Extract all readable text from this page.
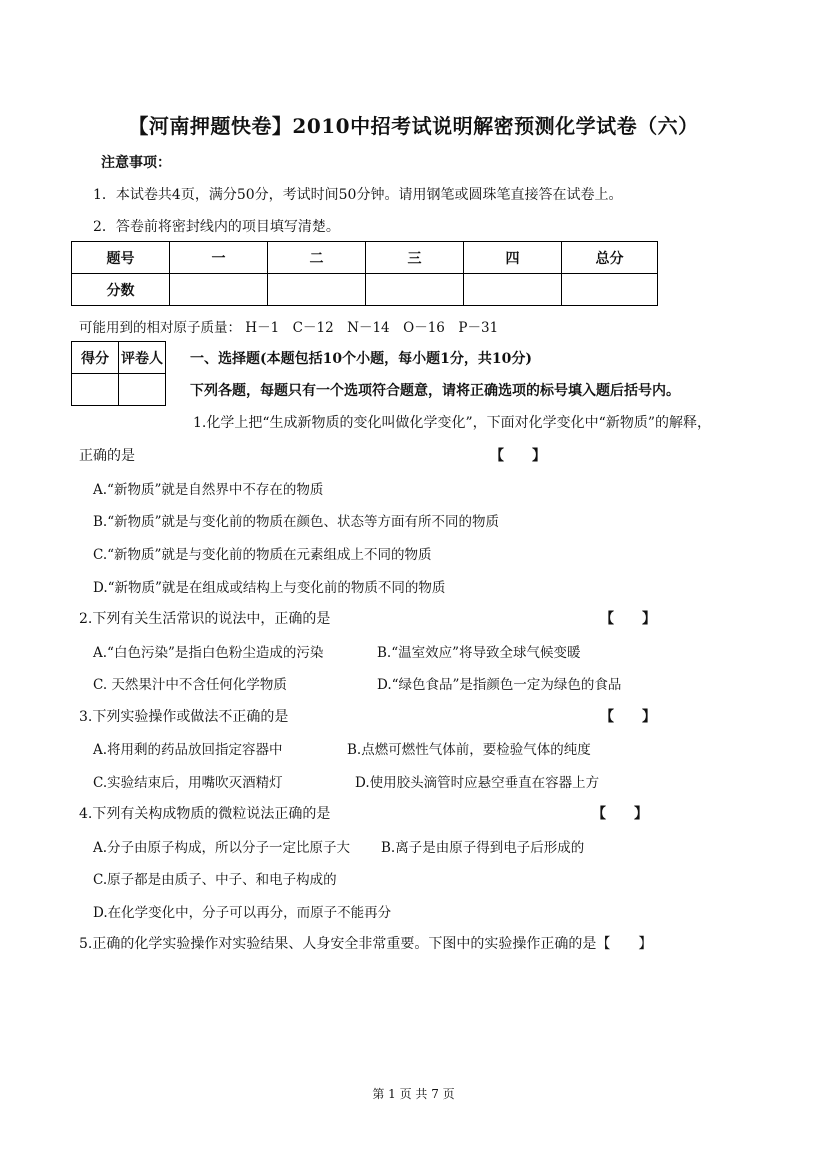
【河南押题快卷】2010中招考试说明解密预测化学试卷（六）
注意事项：
1．本试卷共4页，满分50分，考试时间50分钟。请用钢笔或圆珠笔直接答在试卷上。
2．答卷前将密封线内的项目填写清楚。
题号	一	二	三	四	总分
分数					
可能用到的相对原子质量： H－1　C－12　N－14　O－16　P－31
得分	评卷人
	一、选择题(本题包括10个小题，每小题1分，共10分)
下列各题，每题只有一个选项符合题意，请将正确选项的标号填入题后括号内。
1.化学上把“生成新物质的变化叫做化学变化”，下面对化学变化中“新物质”的解释，
正确的是	【　　】
A.“新物质”就是自然界中不存在的物质
B.“新物质”就是与变化前的物质在颜色、状态等方面有所不同的物质
C.“新物质”就是与变化前的物质在元素组成上不同的物质
D.“新物质”就是在组成或结构上与变化前的物质不同的物质
2.下列有关生活常识的说法中，正确的是	【　　】
A.“白色污染”是指白色粉尘造成的污染	B.“温室效应”将导致全球气候变暖
C. 天然果汁中不含任何化学物质	D.“绿色食品”是指颜色一定为绿色的食品
3.下列实验操作或做法不正确的是	【　　】
A.将用剩的药品放回指定容器中	B.点燃可燃性气体前，要检验气体的纯度
C.实验结束后，用嘴吹灭酒精灯	D.使用胶头滴管时应悬空垂直在容器上方
4.下列有关构成物质的微粒说法正确的是	【　　】
A.分子由原子构成，所以分子一定比原子大 B.离子是由原子得到电子后形成的
C.原子都是由质子、中子、和电子构成的
D.在化学变化中，分子可以再分，而原子不能再分
5.正确的化学实验操作对实验结果、人身安全非常重要。下图中的实验操作正确的是【　　】
第 1 页 共 7 页
